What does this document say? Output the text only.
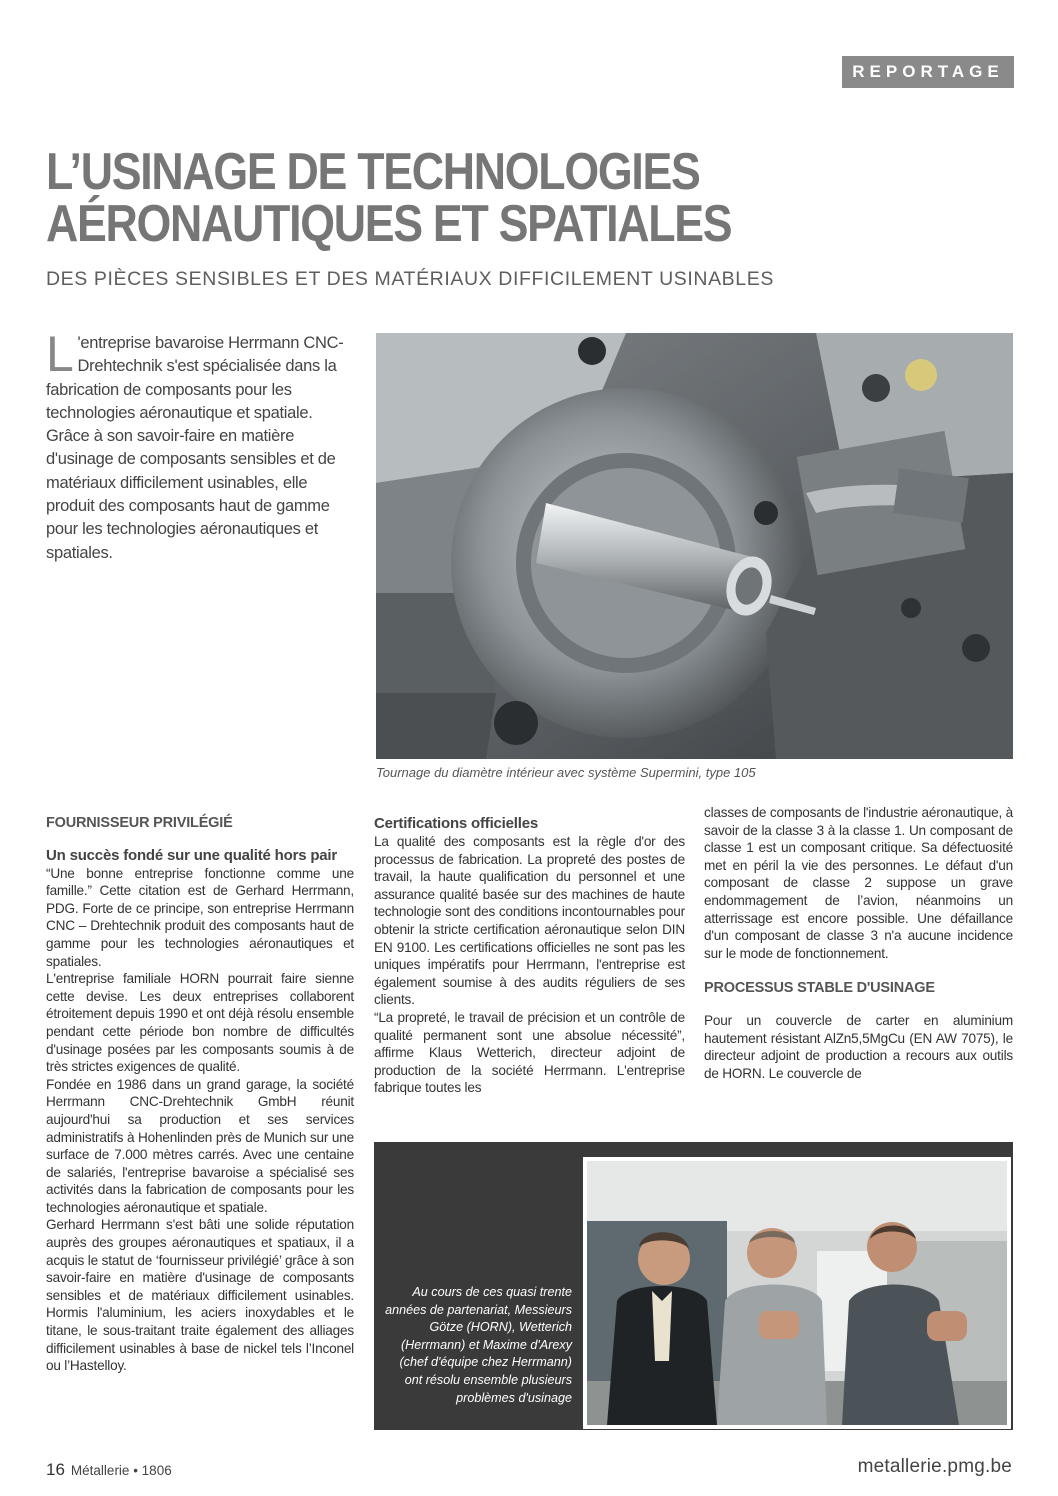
REPORTAGE
L’USINAGE DE TECHNOLOGIES
AÉRONAUTIQUES ET SPATIALES
DES PIÈCES SENSIBLES ET DES MATÉRIAUX DIFFICILEMENT USINABLES
L 'entreprise bavaroise Herrmann CNC-Drehtechnik s'est spécialisée dans la fabrication de composants pour les technologies aéronautique et spatiale. Grâce à son savoir-faire en matière d'usinage de composants sensibles et de matériaux difficilement usinables, elle produit des composants haut de gamme pour les technologies aéronautiques et spatiales.
Tournage du diamètre intérieur avec système Supermini, type 105

FOURNISSEUR PRIVILÉGIÉ

Un succès fondé sur une qualité hors pair

“Une bonne entreprise fonctionne comme une famille.” Cette citation est de Gerhard Herrmann, PDG. Forte de ce principe, son entreprise Herrmann CNC – Drehtechnik produit des composants haut de gamme pour les technologies aéronautiques et spatiales.

L'entreprise familiale HORN pourrait faire sienne cette devise. Les deux entreprises collaborent étroitement depuis 1990 et ont déjà résolu ensemble pendant cette période bon nombre de difficultés d'usinage posées par les composants soumis à de très strictes exigences de qualité.

Fondée en 1986 dans un grand garage, la société Herrmann CNC-Drehtechnik GmbH réunit aujourd'hui sa production et ses services administratifs à Hohenlinden près de Munich sur une surface de 7.000 mètres carrés. Avec une centaine de salariés, l'entreprise bavaroise a spécialisé ses activités dans la fabrication de composants pour les technologies aéronautique et spatiale.

Gerhard Herrmann s'est bâti une solide réputation auprès des groupes aéronautiques et spatiaux, il a acquis le statut de ‘fournisseur privilégié’ grâce à son savoir-faire en matière d'usinage de composants sensibles et de matériaux difficilement usinables. Hormis l'aluminium, les aciers inoxydables et le titane, le sous-traitant traite également des alliages difficilement usinables à base de nickel tels l’Inconel ou l’Hastelloy.

Certifications officielles

La qualité des composants est la règle d'or des processus de fabrication. La propreté des postes de travail, la haute qualification du personnel et une assurance qualité basée sur des machines de haute technologie sont des conditions incontournables pour obtenir la stricte certification aéronautique selon DIN EN 9100. Les certifications officielles ne sont pas les uniques impératifs pour Herrmann, l'entreprise est également soumise à des audits réguliers de ses clients.

“La propreté, le travail de précision et un contrôle de qualité permanent sont une absolue nécessité”, affirme Klaus Wetterich, directeur adjoint de production de la société Herrmann. L'entreprise fabrique toutes les

classes de composants de l'industrie aéronautique, à savoir de la classe 3 à la classe 1. Un composant de classe 1 est un composant critique. Sa défectuosité met en péril la vie des personnes. Le défaut d'un composant de classe 2 suppose un grave endommagement de l’avion, néanmoins un atterrissage est encore possible. Une défaillance d'un composant de classe 3 n'a aucune incidence sur le mode de fonctionnement.

PROCESSUS STABLE D'USINAGE

Pour un couvercle de carter en aluminium hautement résistant AlZn5,5MgCu (EN AW 7075), le directeur adjoint de production a recours aux outils de HORN. Le couvercle de

Au cours de ces quasi trente années de partenariat, Messieurs Götze (HORN), Wetterich (Herrmann) et Maxime d'Arexy (chef d'équipe chez Herrmann) ont résolu ensemble plusieurs problèmes d'usinage
16 Métallerie • 1806	metallerie.pmg.be
